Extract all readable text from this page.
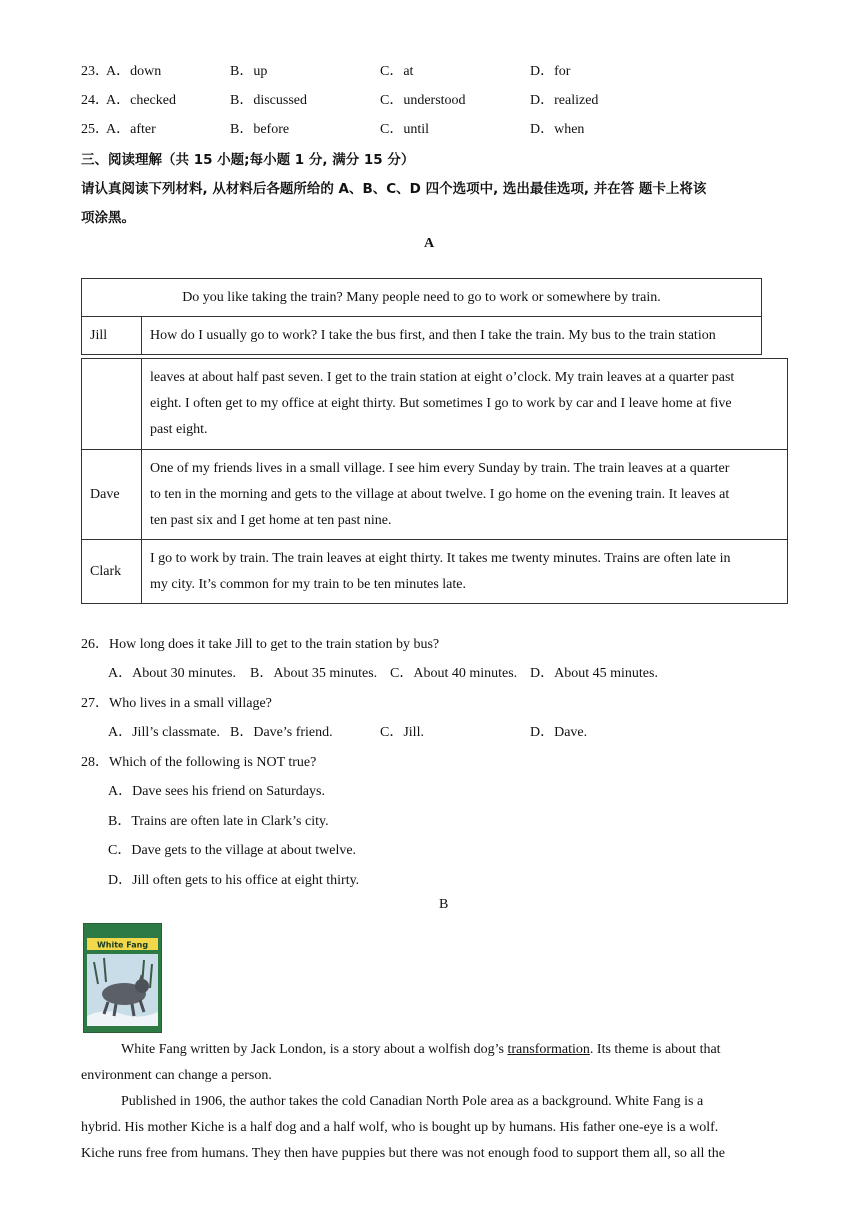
23．
A．down	B．up	C．at	D．for
24．
A．checked	B．discussed	C．understood	D．realized
25．
A．after	B．before	C．until	D．when
三、阅读理解（共 15 小题;每小题 1 分, 满分 15 分）
请认真阅读下列材料, 从材料后各题所给的 A、B、C、D 四个选项中, 选出最佳选项, 并在答 题卡上将该
项涂黑。
A
Do you like taking the train? Many people need to go to work or somewhere by train.
Jill	How do I usually go to work? I take the bus first, and then I take the train. My bus to the train station

	leaves at about half past seven. I get to the train station at eight o’clock. My train leaves at a quarter past
eight. I often get to my office at eight thirty. But sometimes I go to work by car and I leave home at five
past eight.

Dave	One of my friends lives in a small village. I see him every Sunday by train. The train leaves at a quarter
to ten in the morning and gets to the village at about twelve. I go home on the evening train. It leaves at
ten past six and I get home at ten past nine.

Clark	I go to work by train. The train leaves at eight thirty. It takes me twenty minutes. Trains are often late in
my city. It’s common for my train to be ten minutes late.
26．How long does it take Jill to get to the train station by bus?
A．About 30 minutes. B．About 35 minutes. C．About 40 minutes. D．About 45 minutes.
27．Who lives in a small village?
A．Jill’s classmate. B．Dave’s friend.	C．Jill.	D．Dave.
28．Which of the following is NOT true?
A．Dave sees his friend on Saturdays.
B．Trains are often late in Clark’s city.
C．Dave gets to the village at about twelve.
D．Jill often gets to his office at eight thirty.
B
White Fang
White Fang written by Jack London, is a story about a wolfish dog’s transformation. Its theme is about that
environment can change a person.
Published in 1906, the author takes the cold Canadian North Pole area as a background. White Fang is a
hybrid. His mother Kiche is a half dog and a half wolf, who is bought up by humans. His father one-eye is a wolf.
Kiche runs free from humans. They then have puppies but there was not enough food to support them all, so all the
